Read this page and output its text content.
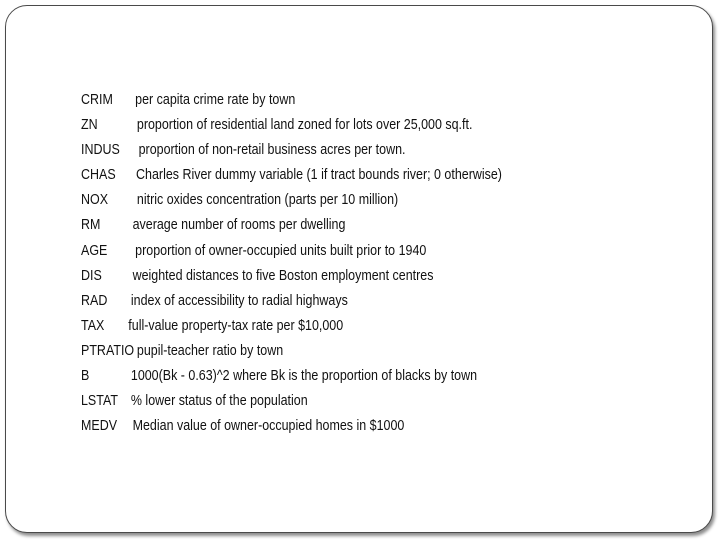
CRIM per capita crime rate by town
ZN	proportion of residential land zoned for lots over 25,000 sq.ft.
INDUS proportion of non-retail business acres per town.
CHAS Charles River dummy variable (1 if tract bounds river; 0 otherwise)
NOX nitric oxides concentration (parts per 10 million)
RM average number of rooms per dwelling
AGE proportion of owner-occupied units built prior to 1940
DIS weighted distances to five Boston employment centres
RAD index of accessibility to radial highways
TAX full-value property-tax rate per $10,000
PTRATIO pupil-teacher ratio by town
B	1000(Bk - 0.63)^2 where Bk is the proportion of blacks by town
LSTAT % lower status of the population
MEDV Median value of owner-occupied homes in $1000
